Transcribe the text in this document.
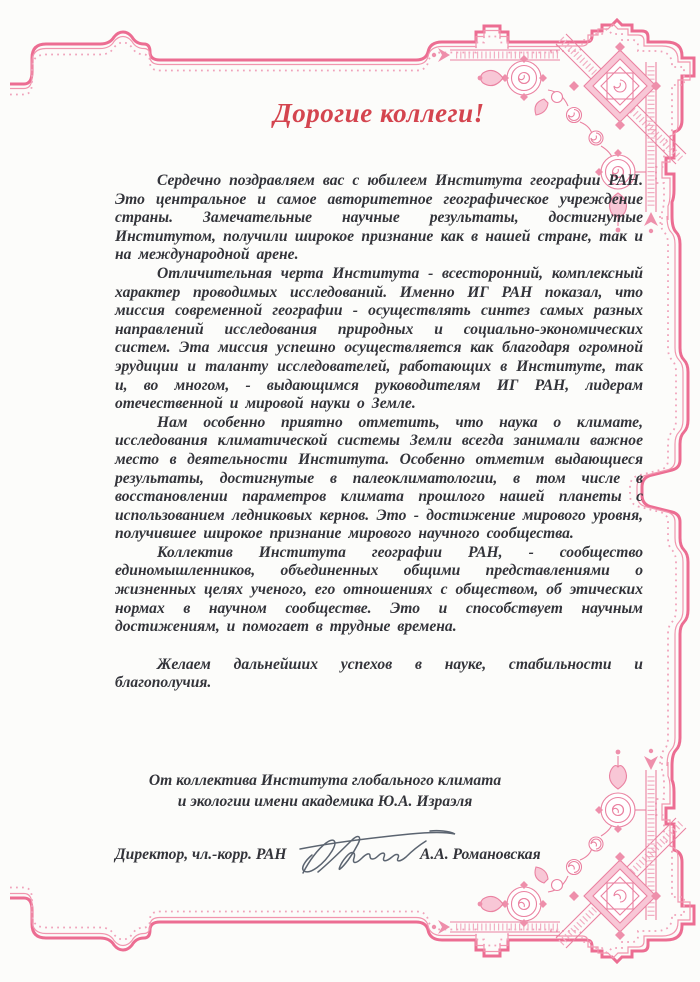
Дорогие коллеги!

Сердечно поздравляем вас с юбилеем Института географии РАН. Это центральное и самое авторитетное географическое учреждение страны. Замечательные научные результаты, достигнутые Институтом, получили широкое признание как в нашей стране, так и на международной арене.

Отличительная черта Института - всесторонний, комплексный характер проводимых исследований. Именно ИГ РАН показал, что миссия современной географии - осуществлять синтез самых разных направлений исследования природных и социально-экономических систем. Эта миссия успешно осуществляется как благодаря огромной эрудиции и таланту исследователей, работающих в Институте, так и, во многом, - выдающимся руководителям ИГ РАН, лидерам отечественной и мировой науки о Земле.

Нам особенно приятно отметить, что наука о климате, исследования климатической системы Земли всегда занимали важное место в деятельности Института. Особенно отметим выдающиеся результаты, достигнутые в палеоклиматологии, в том числе в восстановлении параметров климата прошлого нашей планеты с использованием ледниковых кернов. Это - достижение мирового уровня, получившее широкое признание мирового научного сообщества.

Коллектив Института географии РАН, - сообщество единомышленников, объединенных общими представлениями о жизненных целях ученого, его отношениях с обществом, об этических нормах в научном сообществе. Это и способствует научным достижениям, и помогает в трудные времена.

Желаем дальнейших успехов в науке, стабильности и благополучия.

От коллектива Института глобального климата
и экологии имени академика Ю.А. Израэля
Директор, чл.-корр. РАН	А.А. Романовская
